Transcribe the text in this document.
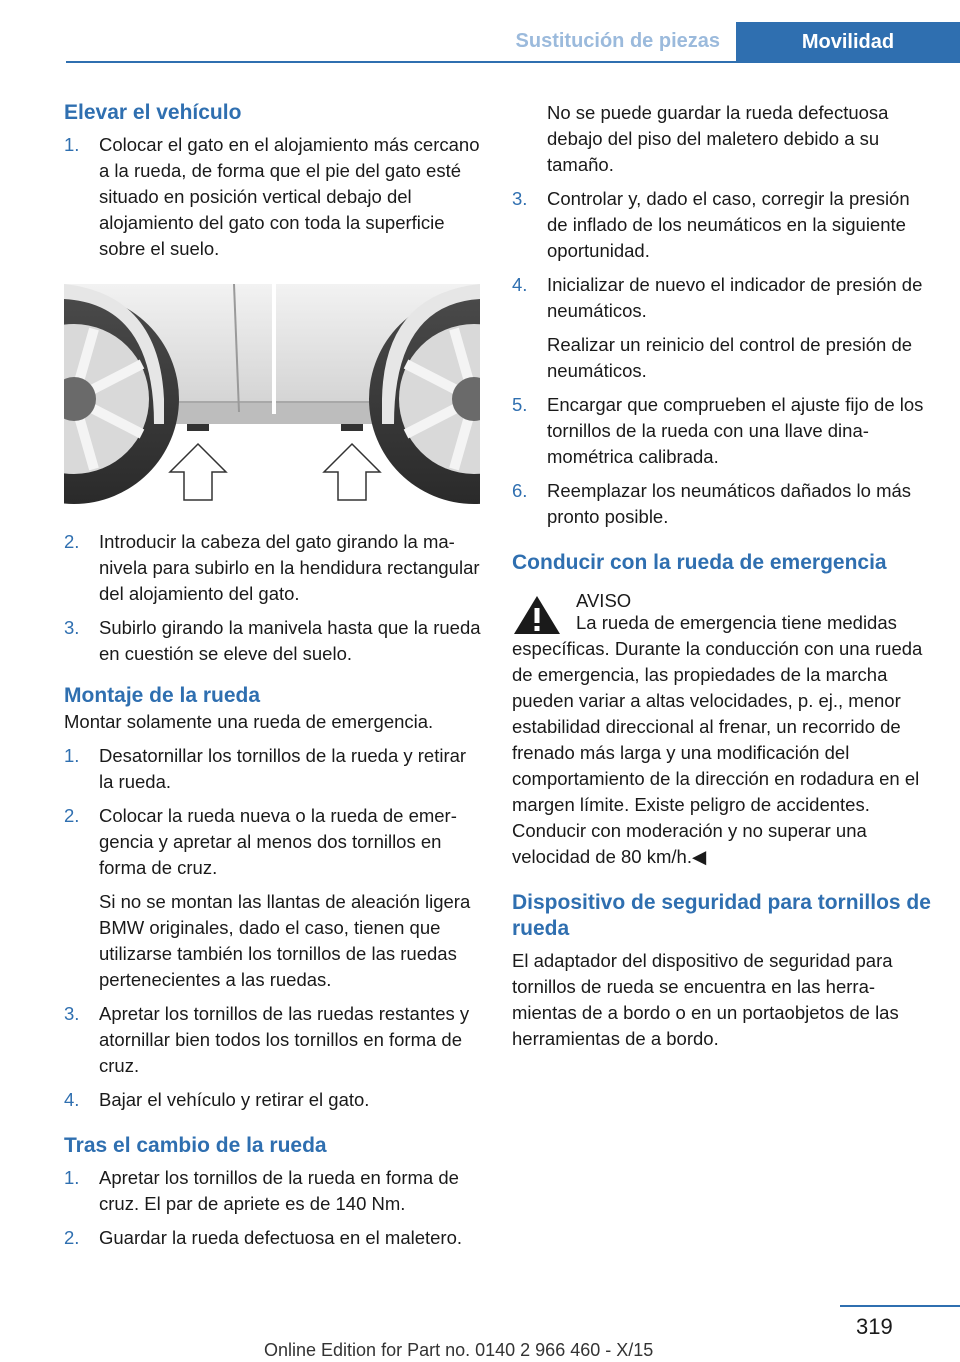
Sustitución de piezas	Movilidad
Elevar el vehículo
1.	Colocar el gato en el alojamiento más cercano a la rueda, de forma que el pie del gato esté situado en posición vertical debajo del alojamiento del gato con toda la superficie sobre el suelo.
2.	Introducir la cabeza del gato girando la manivela para subirlo en la hendidura rectangular del alojamiento del gato.
3.	Subirlo girando la manivela hasta que la rueda en cuestión se eleve del suelo.
Montaje de la rueda

Montar solamente una rueda de emergencia.

1.	Desatornillar los tornillos de la rueda y retirar la rueda.
2.	Colocar la rueda nueva o la rueda de emergencia y apretar al menos dos tornillos en forma de cruz.

Si no se montan las llantas de aleación ligera BMW originales, dado el caso, tienen que utilizarse también los tornillos de las ruedas pertenecientes a las ruedas.

3.	Apretar los tornillos de las ruedas restantes y atornillar bien todos los tornillos en forma de cruz.
4.	Bajar el vehículo y retirar el gato.
Tras el cambio de la rueda
1.	Apretar los tornillos de la rueda en forma de cruz. El par de apriete es de 140 Nm.
2.	Guardar la rueda defectuosa en el maletero.

No se puede guardar la rueda defectuosa debajo del piso del maletero debido a su tamaño.

3.	Controlar y, dado el caso, corregir la presión de inflado de los neumáticos en la siguiente oportunidad.
4.	Inicializar de nuevo el indicador de presión de neumáticos.

Realizar un reinicio del control de presión de neumáticos.

5.	Encargar que comprueben el ajuste fijo de los tornillos de la rueda con una llave dinamométrica calibrada.
6.	Reemplazar los neumáticos dañados lo más pronto posible.
Conducir con la rueda de emergencia
AVISO

La rueda de emergencia tiene medidas específicas. Durante la conducción con una rueda de emergencia, las propiedades de la marcha pueden variar a altas velocidades, p. ej., menor estabilidad direccional al frenar, un recorrido de frenado más larga y una modificación del comportamiento de la dirección en rodadura en el margen límite. Existe peligro de accidentes. Conducir con moderación y no superar una velocidad de 80 km/h.◀

Dispositivo de seguridad para tornillos de rueda

El adaptador del dispositivo de seguridad para tornillos de rueda se encuentra en las herramientas de a bordo o en un portaobjetos de las herramientas de a bordo.

319
Online Edition for Part no. 0140 2 966 460 - X/15
